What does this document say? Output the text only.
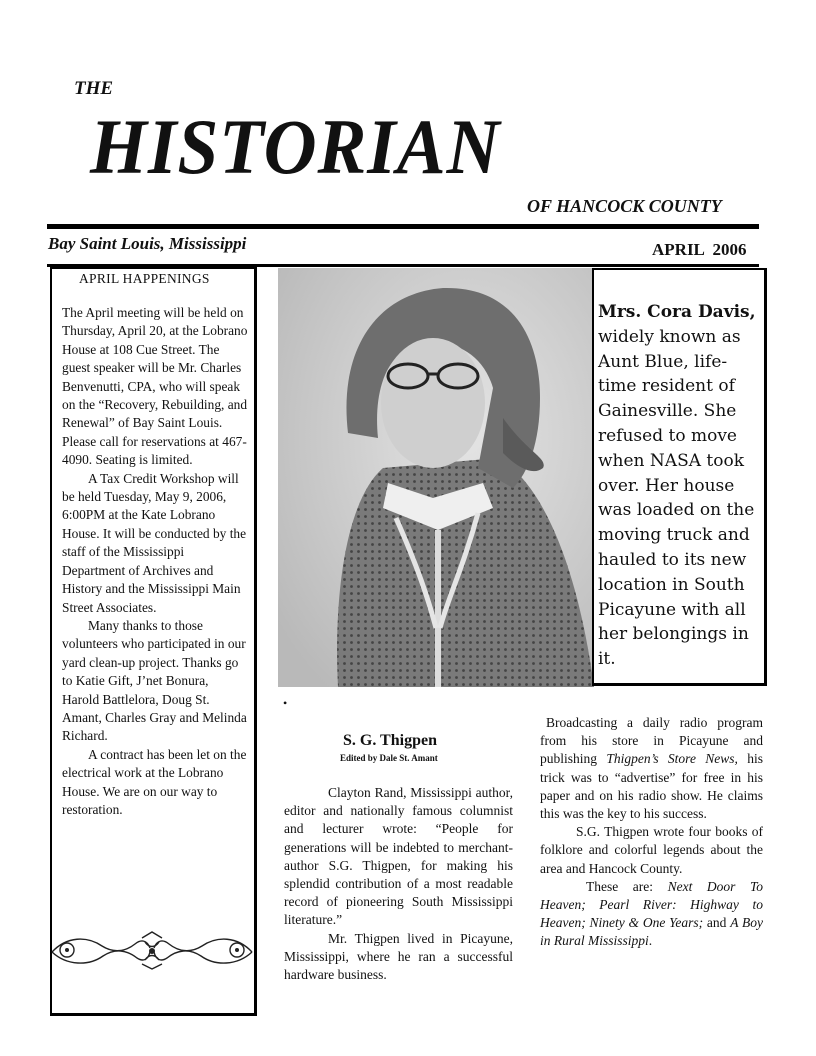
THE
HISTORIAN
OF HANCOCK COUNTY
Bay Saint Louis, Mississippi	APRIL  2006
APRIL HAPPENINGS

The April meeting will be held on Thursday, April 20, at the Lobrano House at 108 Cue Street. The guest speaker will be Mr. Charles Benvenutti, CPA, who will speak on the “Recovery, Rebuilding, and Renewal” of Bay Saint Louis. Please call for reservations at 467-4090. Seating is limited.

A Tax Credit Workshop will be held Tuesday, May 9, 2006, 6:00PM at the Kate Lobrano House. It will be conducted by the staff of the Mississippi Department of Archives and History and the Mississippi Main Street Associates.

Many thanks to those volunteers who participated in our yard clean-up project. Thanks go to Katie Gift, J’net Bonura, Harold Battlelora, Doug St. Amant, Charles Gray and Melinda Richard.

A contract has been let on the electrical work at the Lobrano House. We are on our way to restoration.

Mrs. Cora Davis, widely known as Aunt Blue, life-time resident of Gainesville. She refused to move when NASA took over. Her house was loaded on the moving truck and hauled to its new location in South Picayune with all her belongings in it.
•
S. G. Thigpen
Edited by Dale St. Amant

Clayton Rand, Mississippi author, editor and nationally famous columnist and lecturer wrote: “People for generations will be indebted to merchant-author S.G. Thigpen, for making his splendid contribution of a most readable record of pioneering South Mississippi literature.”

Mr. Thigpen lived in Picayune, Mississippi, where he ran a successful hardware business.

Broadcasting a daily radio program from his store in Picayune and publishing Thigpen’s Store News, his trick was to “advertise” for free in his paper and on his radio show. He claims this was the key to his success.

S.G. Thigpen wrote four books of folklore and colorful legends about the area and Hancock County.

These are: Next Door To Heaven; Pearl River: Highway to Heaven; Ninety & One Years; and A Boy in Rural Mississippi.
